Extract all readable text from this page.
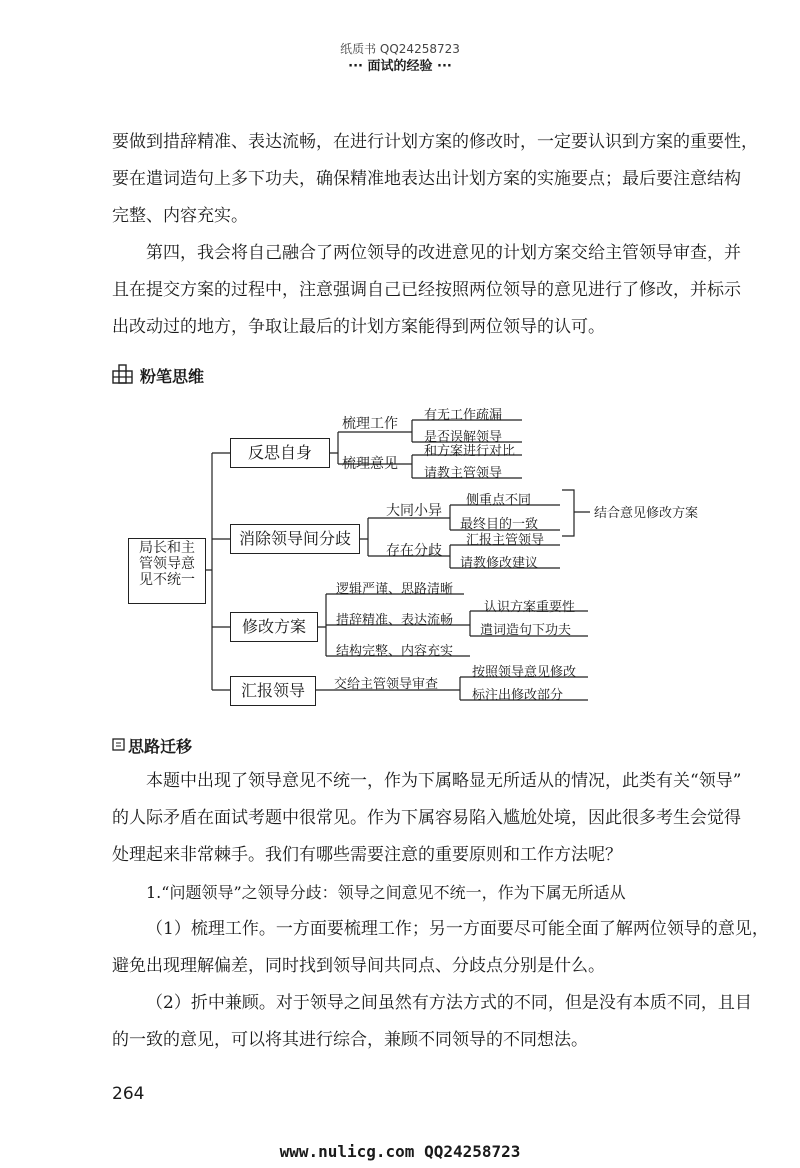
纸质书 QQ24258723
··· 面试的经验 ···
要做到措辞精准、表达流畅，在进行计划方案的修改时，一定要认识到方案的重要性，
要在遣词造句上多下功夫，确保精准地表达出计划方案的实施要点；最后要注意结构
完整、内容充实。
第四，我会将自己融合了两位领导的改进意见的计划方案交给主管领导审查，并
且在提交方案的过程中，注意强调自己已经按照两位领导的意见进行了修改，并标示
出改动过的地方，争取让最后的计划方案能得到两位领导的认可。
粉笔思维
局长和主管领导意见不统一
反思自身
消除领导间分歧
修改方案
汇报领导
梳理工作
梳理意见
有无工作疏漏
是否误解领导
和方案进行对比
请教主管领导
大同小异
存在分歧
侧重点不同
最终目的一致
汇报主管领导
请教修改建议
结合意见修改方案
逻辑严谨、思路清晰
措辞精准、表达流畅
结构完整、内容充实
认识方案重要性
遣词造句下功夫
交给主管领导审查
按照领导意见修改
标注出修改部分
思路迁移
本题中出现了领导意见不统一，作为下属略显无所适从的情况，此类有关“领导”
的人际矛盾在面试考题中很常见。作为下属容易陷入尴尬处境，因此很多考生会觉得
处理起来非常棘手。我们有哪些需要注意的重要原则和工作方法呢？
1.“问题领导”之领导分歧：领导之间意见不统一，作为下属无所适从
（1）梳理工作。一方面要梳理工作；另一方面要尽可能全面了解两位领导的意见，
避免出现理解偏差，同时找到领导间共同点、分歧点分别是什么。
（2）折中兼顾。对于领导之间虽然有方法方式的不同，但是没有本质不同，且目
的一致的意见，可以将其进行综合，兼顾不同领导的不同想法。
264
www.nulicg.com QQ24258723
